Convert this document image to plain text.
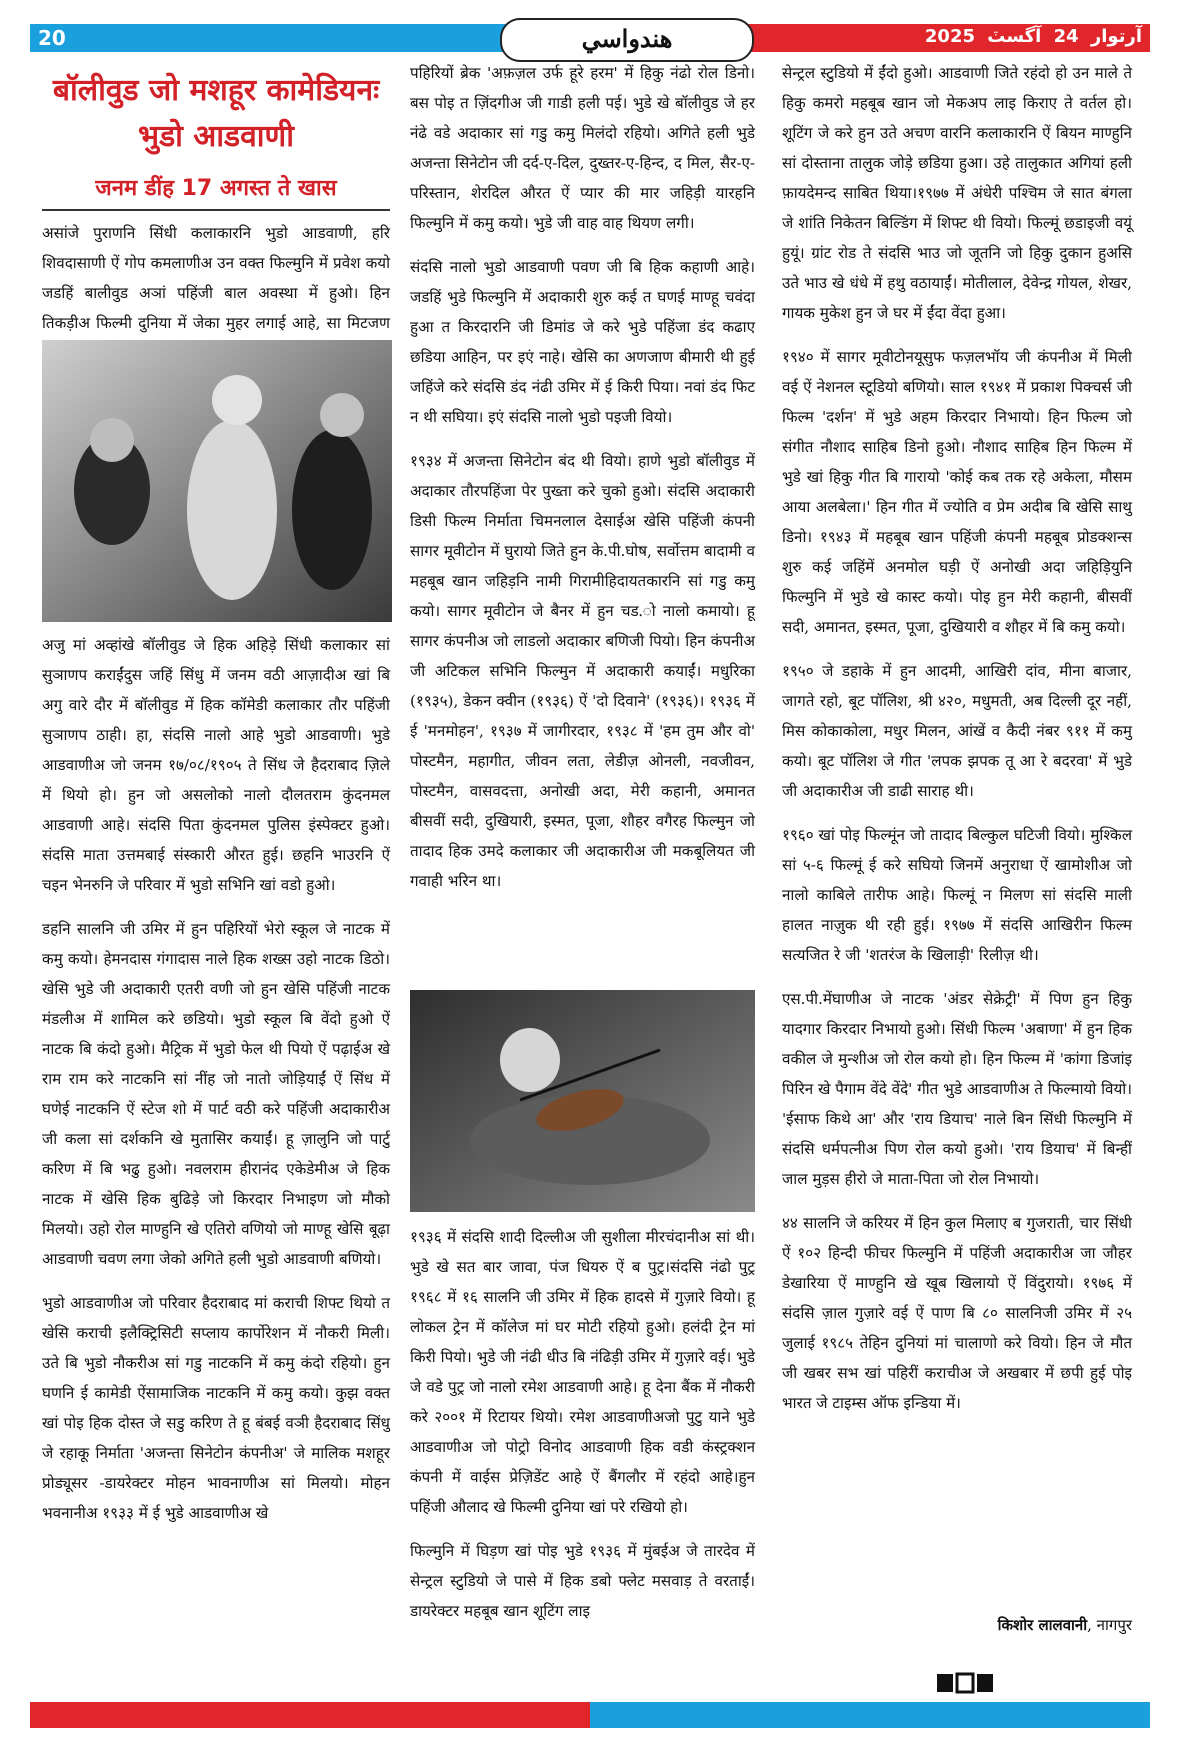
20	ھندواسي	آرتوار 24 آگسٽ 2025
बॉलीवुड जो मशहूर कामेडियनः भुडो आडवाणी
जनम डींह 17 अगस्त ते खास

असांजे पुराणनि सिंधी कलाकारनि भुडो आडवाणी, हरि शिवदासाणी ऐं गोप कमलाणीअ उन वक्त फिल्मुनि में प्रवेश कयो जडहिं बालीवुड अञां पहिंजी बाल अवस्था में हुओ। हिन तिकड़ीअ फिल्मी दुनिया में जेका मुहर लगाई आहे, सा मिटजण

अजु मां अव्हांखे बॉलीवुड जे हिक अहिड़े सिंधी कलाकार सां सुञाणप कराईंदुस जहिं सिंधु में जनम वठी आज़ादीअ खां बि अगु वारे दौर में बॉलीवुड में हिक कॉमेडी कलाकार तौर पहिंजी सुञाणप ठाही। हा, संदसि नालो आहे भुडो आडवाणी। भुडे आडवाणीअ जो जनम १७/०८/१९०५ ते सिंध जे हैदराबाद ज़िले में थियो हो। हुन जो असलोको नालो दौलतराम कुंदनमल आडवाणी आहे। संदसि पिता कुंदनमल पुलिस इंस्पेक्टर हुओ। संदसि माता उत्तमबाई संस्कारी औरत हुई। छहनि भाउरनि ऐं चइन भेनरुनि जे परिवार में भुडो सभिनि खां वडो हुओ।

डहनि सालनि जी उमिर में हुन पहिरियों भेरो स्कूल जे नाटक में कमु कयो। हेमनदास गंगादास नाले हिक शख्स उहो नाटक डिठो। खेसि भुडे जी अदाकारी एतरी वणी जो हुन खेसि पहिंजी नाटक मंडलीअ में शामिल करे छडियो। भुडो स्कूल बि वेंदो हुओ ऐं नाटक बि कंदो हुओ। मैट्रिक में भुडो फेल थी पियो ऐं पढ़ाईअ खे राम राम करे नाटकनि सां नींह जो नातो जोड़ियाईं ऐं सिंध में घणेई नाटकनि ऐं स्टेज शो में पार्ट वठी करे पहिंजी अदाकारीअ जी कला सां दर्शकनि खे मुतासिर कयाईं। हू ज़ालुनि जो पार्टु करिण में बि भढु हुओ। नवलराम हीरानंद एकेडेमीअ जे हिक नाटक में खेसि हिक बुढिड़े जो किरदार निभाइण जो मौको मिलयो। उहो रोल माण्हुनि खे एतिरो वणियो जो माण्हू खेसि बूढ़ा आडवाणी चवण लगा जेको अगिते हली भुडो आडवाणी बणियो।

भुडो आडवाणीअ जो परिवार हैदराबाद मां कराची शिफ्ट थियो त खेसि कराची इलैक्ट्रिसिटी सप्लाय कार्पोरेशन में नौकरी मिली। उते बि भुडो नौकरीअ सां गडु नाटकनि में कमु कंदो रहियो। हुन घणनि ई कामेडी ऐंसामाजिक नाटकनि में कमु कयो। कुझ वक्त खां पोइ हिक दोस्त जे सडु करिण ते हू बंबई वञी हैदराबाद सिंधु जे रहाकू निर्माता 'अजन्ता सिनेटोन कंपनीअ' जे मालिक मशहूर प्रोड्यूसर -डायरेक्टर मोहन भावनाणीअ सां मिलयो। मोहन भवनानीअ १९३३ में ई भुडे आडवाणीअ खे

पहिरियों ब्रेक 'अफ़ज़ल उर्फ हूरे हरम' में हिकु नंढो रोल डिनो। बस पोइ त ज़िंदगीअ जी गाडी हली पई। भुडे खे बॉलीवुड जे हर नंढे वडे अदाकार सां गडु कमु मिलंदो रहियो। अगिते हली भुडे अजन्ता सिनेटोन जी दर्द-ए-दिल, दुख्तर-ए-हिन्द, द मिल, सैर-ए-परिस्तान, शेरदिल औरत ऐं प्यार की मार जहिड़ी यारहनि फिल्मुनि में कमु कयो। भुडे जी वाह वाह थियण लगी।

संदसि नालो भुडो आडवाणी पवण जी बि हिक कहाणी आहे। जडहिं भुडे फिल्मुनि में अदाकारी शुरु कई त घणई माण्हू चवंदा हुआ त किरदारनि जी डिमांड जे करे भुडे पहिंजा डंद कढाए छडिया आहिन, पर इएं नाहे। खेसि का अणजाण बीमारी थी हुई जहिंजे करे संदसि डंद नंढी उमिर में ई किरी पिया। नवां डंद फिट न थी सघिया। इएं संदसि नालो भुडो पइजी वियो।

१९३४ में अजन्ता सिनेटोन बंद थी वियो। हाणे भुडो बॉलीवुड में अदाकार तौरपहिंजा पेर पुख्ता करे चुको हुओ। संदसि अदाकारी डिसी फिल्म निर्माता चिमनलाल देसाईअ खेसि पहिंजी कंपनी सागर मूवीटोन में घुरायो जिते हुन के.पी.घोष, सर्वोत्तम बादामी व महबूब खान जहिड़नि नामी गिरामीहिदायतकारनि सां गडु कमु कयो। सागर मूवीटोन जे बैनर में हुन चड.ो नालो कमायो। हू सागर कंपनीअ जो लाडलो अदाकार बणिजी पियो। हिन कंपनीअ जी अटिकल सभिनि फिल्मुन में अदाकारी कयाईं। मधुरिका (१९३५), डेकन क्वीन (१९३६) ऐं 'दो दिवाने' (१९३६)। १९३६ में ई 'मनमोहन', १९३७ में जागीरदार, १९३८ में 'हम तुम और वो' पोस्टमैन, महागीत, जीवन लता, लेडीज़ ओनली, नवजीवन, पोस्टमैन, वासवदत्ता, अनोखी अदा, मेरी कहानी, अमानत बीसवीं सदी, दुखियारी, इस्मत, पूजा, शौहर वगैरह फिल्मुन जो तादाद हिक उमदे कलाकार जी अदाकारीअ जी मकबूलियत जी गवाही भरिन था।

१९३६ में संदसि शादी दिल्लीअ जी सुशीला मीरचंदानीअ सां थी। भुडे खे सत बार जावा, पंज धियरु ऐं ब पुट्र।संदसि नंढो पुट्र १९६८ में १६ सालनि जी उमिर में हिक हादसे में गुज़ारे वियो। हू लोकल ट्रेन में कॉलेज मां घर मोटी रहियो हुओ। हलंदी ट्रेन मां किरी पियो। भुडे जी नंढी धीउ बि नंढिड़ी उमिर में गुज़ारे वई। भुडे जे वडे पुट्र जो नालो रमेश आडवाणी आहे। हू देना बैंक में नौकरी करे २००१ में रिटायर थियो। रमेश आडवाणीअजो पुटु याने भुडे आडवाणीअ जो पोट्रो विनोद आडवाणी हिक वडी कंस्ट्रक्शन कंपनी में वाईस प्रेज़िडेंट आहे ऐं बैंगलौर में रहंदो आहे।हुन पहिंजी औलाद खे फिल्मी दुनिया खां परे रखियो हो।

फिल्मुनि में घिड़ण खां पोइ भुडे १९३६ में मुंबईअ जे तारदेव में सेन्ट्रल स्टुडियो जे पासे में हिक डबो फ्लेट मसवाड़ ते वरताईं। डायरेक्टर महबूब खान शूटिंग लाइ

सेन्ट्रल स्टुडियो में ईंदो हुओ। आडवाणी जिते रहंदो हो उन माले ते हिकु कमरो महबूब खान जो मेकअप लाइ किराए ते वर्तल हो। शूटिंग जे करे हुन उते अचण वारनि कलाकारनि ऐं बियन माण्हुनि सां दोस्ताना तालुक जोड़े छडिया हुआ। उहे तालुकात अगियां हली फ़ायदेमन्द साबित थिया।१९७७ में अंधेरी पश्चिम जे सात बंगला जे शांति निकेतन बिल्डिंग में शिफ्ट थी वियो। फिल्मूं छडाइजी वयूं हुयूं। ग्रांट रोड ते संदसि भाउ जो जूतनि जो हिकु दुकान हुअसि उते भाउ खे धंधे में हथु वठायाईं। मोतीलाल, देवेन्द्र गोयल, शेखर, गायक मुकेश हुन जे घर में ईंदा वेंदा हुआ।

१९४० में सागर मूवीटोनयूसुफ फज़लभॉय जी कंपनीअ में मिली वई ऐं नेशनल स्टूडियो बणियो। साल १९४१ में प्रकाश पिक्चर्स जी फिल्म 'दर्शन' में भुडे अहम किरदार निभायो। हिन फिल्म जो संगीत नौशाद साहिब डिनो हुओ। नौशाद साहिब हिन फिल्म में भुडे खां हिकु गीत बि गारायो 'कोई कब तक रहे अकेला, मौसम आया अलबेला।' हिन गीत में ज्योति व प्रेम अदीब बि खेसि साथु डिनो। १९४३ में महबूब खान पहिंजी कंपनी महबूब प्रोडक्शन्स शुरु कई जहिंमें अनमोल घड़ी ऐं अनोखी अदा जहिड़ियुनि फिल्मुनि में भुडे खे कास्ट कयो। पोइ हुन मेरी कहानी, बीसवीं सदी, अमानत, इस्मत, पूजा, दुखियारी व शौहर में बि कमु कयो।

१९५० जे डहाके में हुन आदमी, आखिरी दांव, मीना बाजार, जागते रहो, बूट पॉलिश, श्री ४२०, मधुमती, अब दिल्ली दूर नहीं, मिस कोकाकोला, मधुर मिलन, आंखें व कैदी नंबर ९११ में कमु कयो। बूट पॉलिश जे गीत 'लपक झपक तू आ रे बदरवा' में भुडे जी अदाकारीअ जी डाढी साराह थी।

१९६० खां पोइ फिल्मूंन जो तादाद बिल्कुल घटिजी वियो। मुश्किल सां ५-६ फिल्मूं ई करे सघियो जिनमें अनुराधा ऐं खामोशीअ जो नालो काबिले तारीफ आहे। फिल्मूं न मिलण सां संदसि माली हालत नाज़ुक थी रही हुई। १९७७ में संदसि आखिरीन फिल्म सत्यजित रे जी 'शतरंज के खिलाड़ी' रिलीज़ थी।

एस.पी.मेंघाणीअ जे नाटक 'अंडर सेक्रेट्री' में पिण हुन हिकु यादगार किरदार निभायो हुओ। सिंधी फिल्म 'अबाणा' में हुन हिक वकील जे मुन्शीअ जो रोल कयो हो। हिन फिल्म में 'कांगा डिजांइ पिरिन खे पैगाम वेंदे वेंदे' गीत भुडे आडवाणीअ ते फिल्मायो वियो। 'ईसाफ किथे आ' और 'राय डियाच' नाले बिन सिंधी फिल्मुनि में संदसि धर्मपत्नीअ पिण रोल कयो हुओ। 'राय डियाच' में बिन्हीं जाल मुड़स हीरो जे माता-पिता जो रोल निभायो।

४४ सालनि जे करियर में हिन कुल मिलाए ब गुजराती, चार सिंधी ऐं १०२ हिन्दी फीचर फिल्मुनि में पहिंजी अदाकारीअ जा जौहर डेखारिया ऐं माण्हुनि खे खूब खिलायो ऐं विंदुरायो। १९७६ में संदसि ज़ाल गुज़ारे वई ऐं पाण बि ८० सालनिजी उमिर में २५ जुलाई १९८५ तेहिन दुनियां मां चालाणो करे वियो। हिन जे मौत जी खबर सभ खां पहिरीं कराचीअ जे अखबार में छपी हुई पोइ भारत जे टाइम्स ऑफ इन्डिया में।

किशोर लालवानी, नागपुर
